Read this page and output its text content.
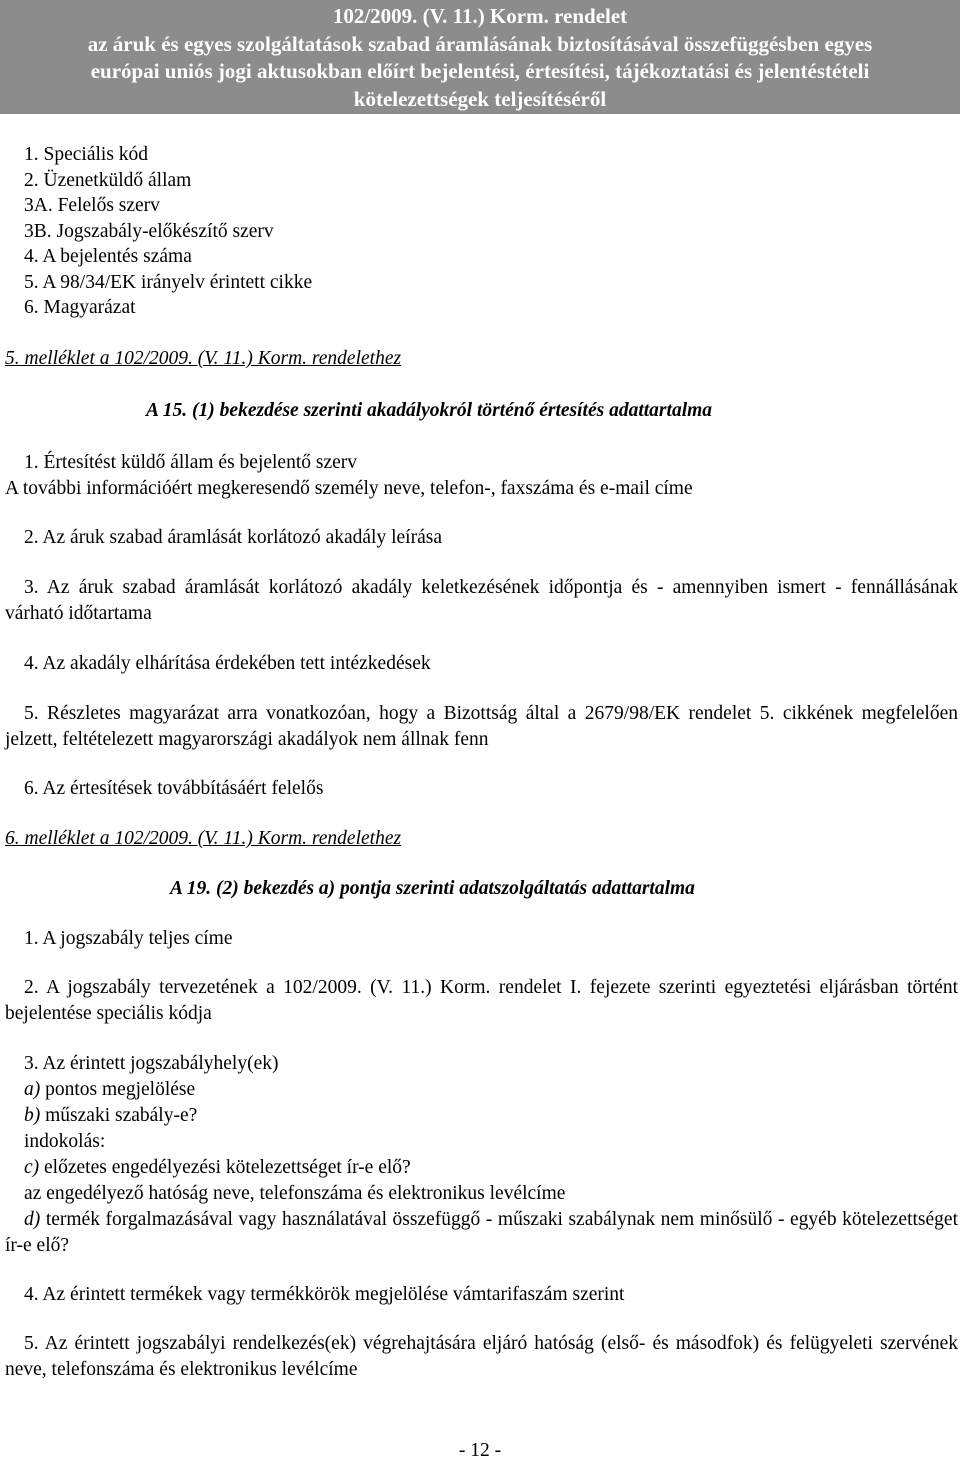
102/2009. (V. 11.) Korm. rendelet
az áruk és egyes szolgáltatások szabad áramlásának biztosításával összefüggésben egyes
európai uniós jogi aktusokban előírt bejelentési, értesítési, tájékoztatási és jelentéstételi
kötelezettségek teljesítéséről
1. Speciális kód
2. Üzenetküldő állam
3A. Felelős szerv
3B. Jogszabály-előkészítő szerv
4. A bejelentés száma
5. A 98/34/EK irányelv érintett cikke
6. Magyarázat
5. melléklet a 102/2009. (V. 11.) Korm. rendelethez
A 15. (1) bekezdése szerinti akadályokról történő értesítés adattartalma
1. Értesítést küldő állam és bejelentő szerv
A további információért megkeresendő személy neve, telefon-, faxszáma és e-mail címe
2. Az áruk szabad áramlását korlátozó akadály leírása
3. Az áruk szabad áramlását korlátozó akadály keletkezésének időpontja és - amennyiben ismert - fennállásának várható időtartama
4. Az akadály elhárítása érdekében tett intézkedések
5. Részletes magyarázat arra vonatkozóan, hogy a Bizottság által a 2679/98/EK rendelet 5. cikkének megfelelően jelzett, feltételezett magyarországi akadályok nem állnak fenn
6. Az értesítések továbbításáért felelős
6. melléklet a 102/2009. (V. 11.) Korm. rendelethez
A 19. (2) bekezdés a) pontja szerinti adatszolgáltatás adattartalma
1. A jogszabály teljes címe
2. A jogszabály tervezetének a 102/2009. (V. 11.) Korm. rendelet I. fejezete szerinti egyeztetési eljárásban történt bejelentése speciális kódja
3. Az érintett jogszabályhely(ek)
a) pontos megjelölése
b) műszaki szabály-e?
indokolás:
c) előzetes engedélyezési kötelezettséget ír-e elő?
az engedélyező hatóság neve, telefonszáma és elektronikus levélcíme
d) termék forgalmazásával vagy használatával összefüggő - műszaki szabálynak nem minősülő - egyéb kötelezettséget ír-e elő?
4. Az érintett termékek vagy termékkörök megjelölése vámtarifaszám szerint
5. Az érintett jogszabályi rendelkezés(ek) végrehajtására eljáró hatóság (első- és másodfok) és felügyeleti szervének neve, telefonszáma és elektronikus levélcíme
- 12 -
